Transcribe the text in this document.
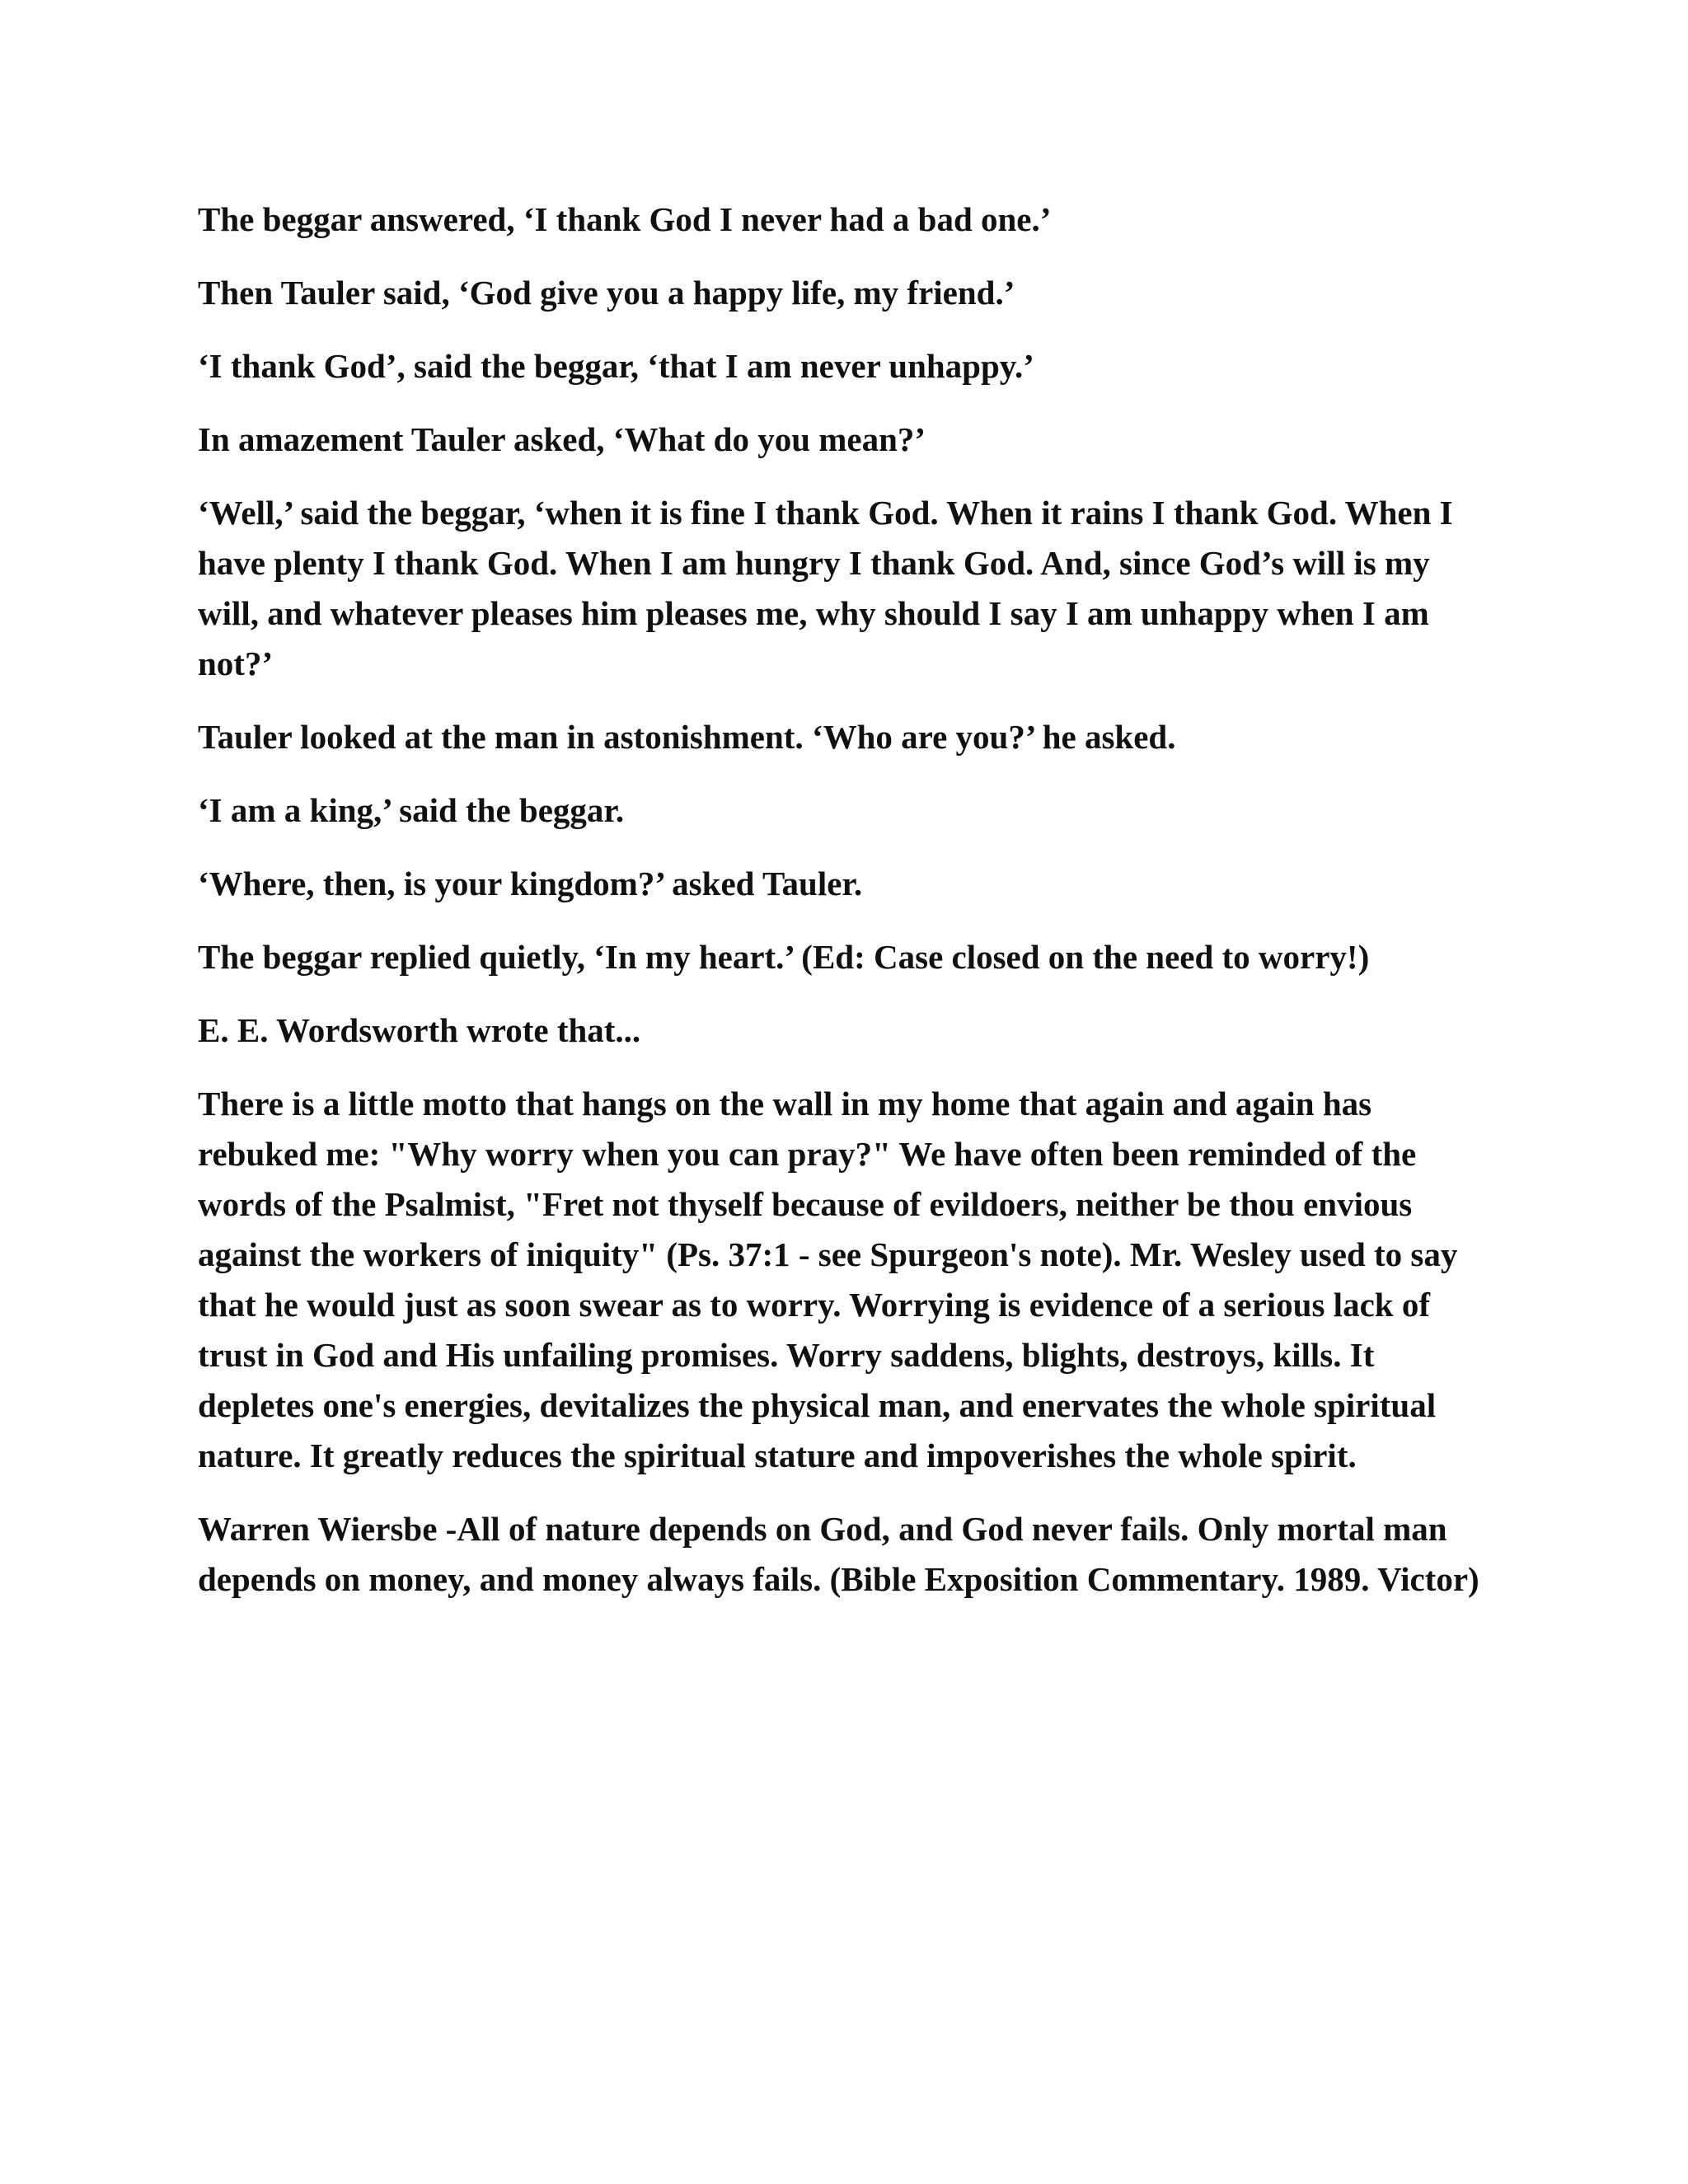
The beggar answered, ‘I thank God I never had a bad one.’

Then Tauler said, ‘God give you a happy life, my friend.’

‘I thank God’, said the beggar, ‘that I am never unhappy.’

In amazement Tauler asked, ‘What do you mean?’

‘Well,’ said the beggar, ‘when it is fine I thank God. When it rains I thank God. When I have plenty I thank God. When I am hungry I thank God. And, since God’s will is my will, and whatever pleases him pleases me, why should I say I am unhappy when I am not?’

Tauler looked at the man in astonishment. ‘Who are you?’ he asked.

‘I am a king,’ said the beggar.

‘Where, then, is your kingdom?’ asked Tauler.

The beggar replied quietly, ‘In my heart.’ (Ed: Case closed on the need to worry!)

E. E. Wordsworth wrote that...

There is a little motto that hangs on the wall in my home that again and again has rebuked me: "Why worry when you can pray?" We have often been reminded of the words of the Psalmist, "Fret not thyself because of evildoers, neither be thou envious against the workers of iniquity" (Ps. 37:1 - see Spurgeon's note). Mr. Wesley used to say that he would just as soon swear as to worry. Worrying is evidence of a serious lack of trust in God and His unfailing promises. Worry saddens, blights, destroys, kills. It depletes one's energies, devitalizes the physical man, and enervates the whole spiritual nature. It greatly reduces the spiritual stature and impoverishes the whole spirit.

Warren Wiersbe -All of nature depends on God, and God never fails. Only mortal man depends on money, and money always fails. (Bible Exposition Commentary. 1989. Victor)
